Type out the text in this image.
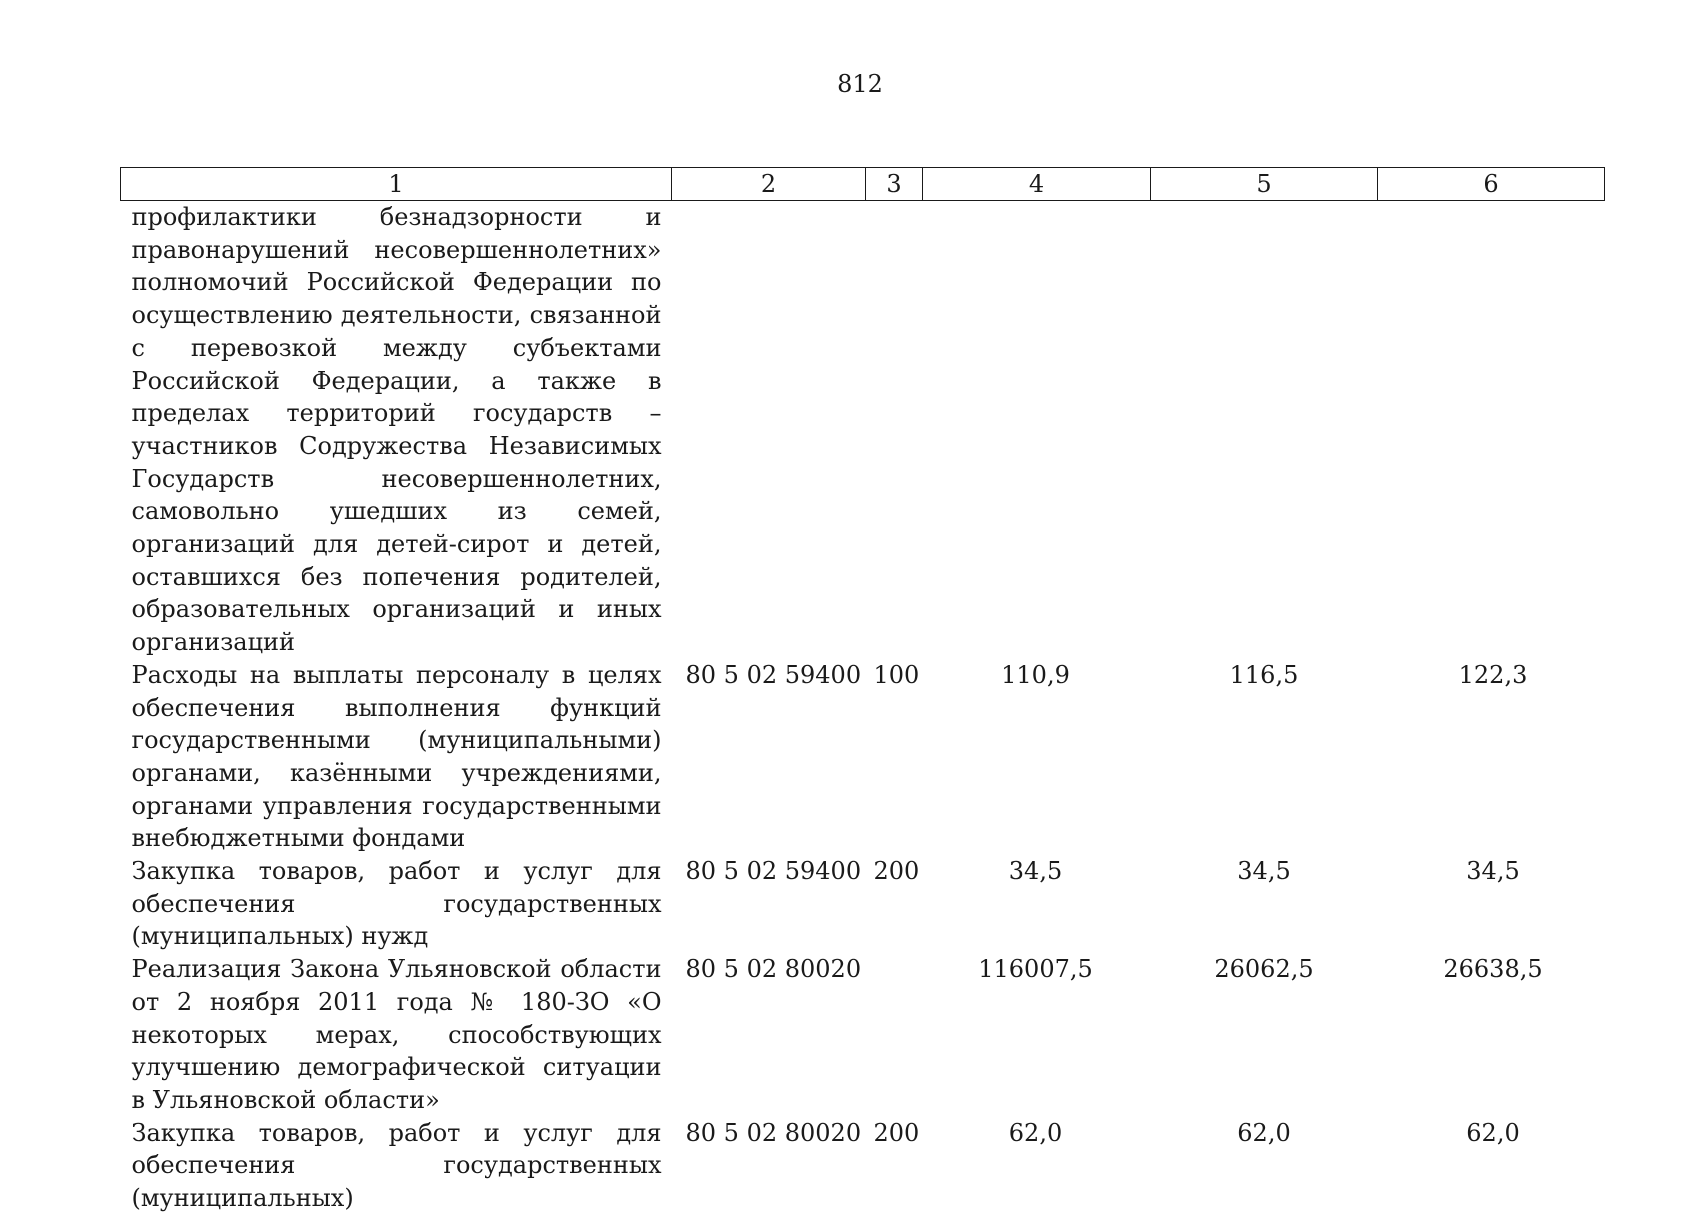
812
1	2	3	4	5	6
профилактики безнадзорности и правонарушений несовершеннолетних» полномочий Российской Федерации по осуществлению деятельности, связанной с перевозкой между субъектами Российской Федерации, а также в пределах территорий государств – участников Содружества Независимых Государств несовершеннолетних, самовольно ушедших из семей, организаций для детей-сирот и детей, оставшихся без попечения родителей, образовательных организаций и иных организаций					
Расходы на выплаты персоналу в целях обеспечения выполнения функций государственными (муниципальными) органами, казёнными учреждениями, органами управления государственными внебюджетными фондами	80 5 02 59400	100	110,9	116,5	122,3
Закупка товаров, работ и услуг для обеспечения государственных (муниципальных) нужд	80 5 02 59400	200	34,5	34,5	34,5
Реализация Закона Ульяновской области от 2 ноября 2011 года № 180-ЗО «О некоторых мерах, способствующих улучшению демографической ситуации в Ульяновской области»	80 5 02 80020		116007,5	26062,5	26638,5
Закупка товаров, работ и услуг для обеспечения государственных (муниципальных)	80 5 02 80020	200	62,0	62,0	62,0
